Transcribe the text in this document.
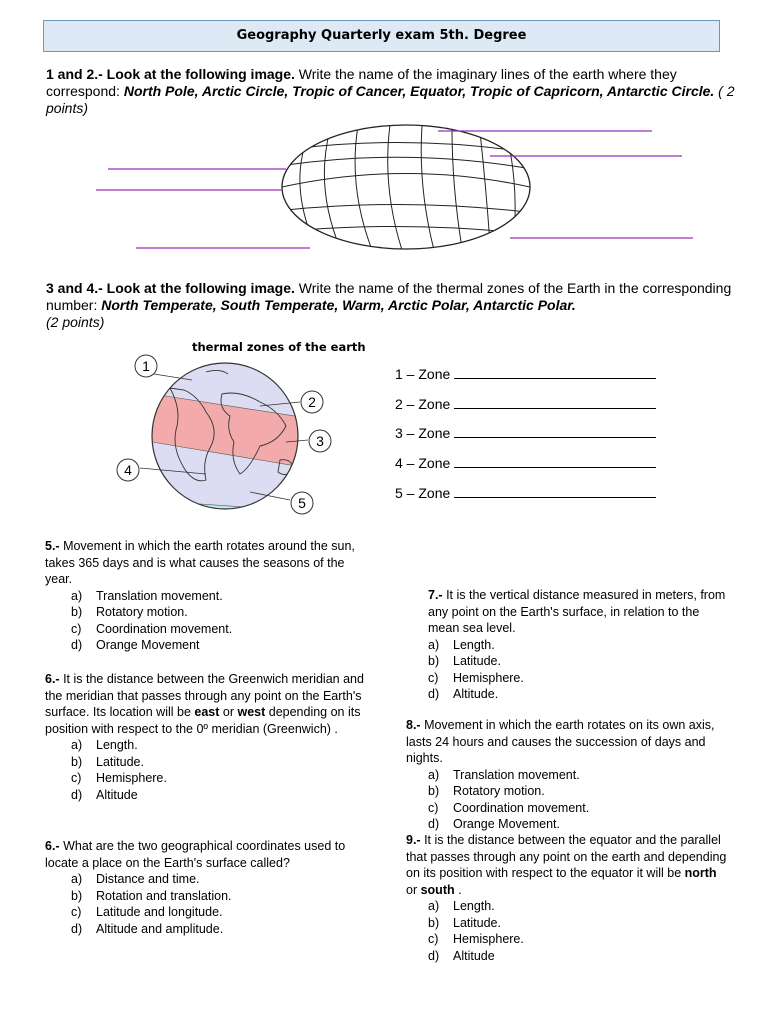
Geography Quarterly exam 5th. Degree
1 and 2.- Look at the following image. Write the name of the imaginary lines of the earth where they correspond: North Pole, Arctic Circle, Tropic of Cancer, Equator, Tropic of Capricorn, Antarctic Circle. ( 2 points)
3 and 4.- Look at the following image. Write the name of the thermal zones of the Earth in the corresponding number: North Temperate, South Temperate, Warm, Arctic Polar, Antarctic Polar.
(2 points)
thermal zones of the earth
1
2
3
4
5
1 – Zone
2 – Zone
3 – Zone
4 – Zone
5 – Zone
5.- Movement in which the earth rotates around the sun, takes 365 days and is what causes the seasons of the year.
a)	Translation movement.
b)	Rotatory motion.
c)	Coordination movement.
d)	Orange Movement
6.- It is the distance between the Greenwich meridian and the meridian that passes through any point on the Earth's surface. Its location will be east or west depending on its position with respect to the 0º meridian (Greenwich) .
a)	Length.
b)	Latitude.
c)	Hemisphere.
d)	Altitude
6.- What are the two geographical coordinates used to locate a place on the Earth's surface called?
a)	Distance and time.
b)	Rotation and translation.
c)	Latitude and longitude.
d)	Altitude and amplitude.
7.- It is the vertical distance measured in meters, from any point on the Earth's surface, in relation to the mean sea level.
a)	Length.
b)	Latitude.
c)	Hemisphere.
d)	Altitude.
8.- Movement in which the earth rotates on its own axis, lasts 24 hours and causes the succession of days and nights.
a)	Translation movement.
b)	Rotatory motion.
c)	Coordination movement.
d)	Orange Movement.
9.- It is the distance between the equator and the parallel that passes through any point on the earth and depending on its position with respect to the equator it will be north or south .
a)	Length.
b)	Latitude.
c)	Hemisphere.
d)	Altitude
